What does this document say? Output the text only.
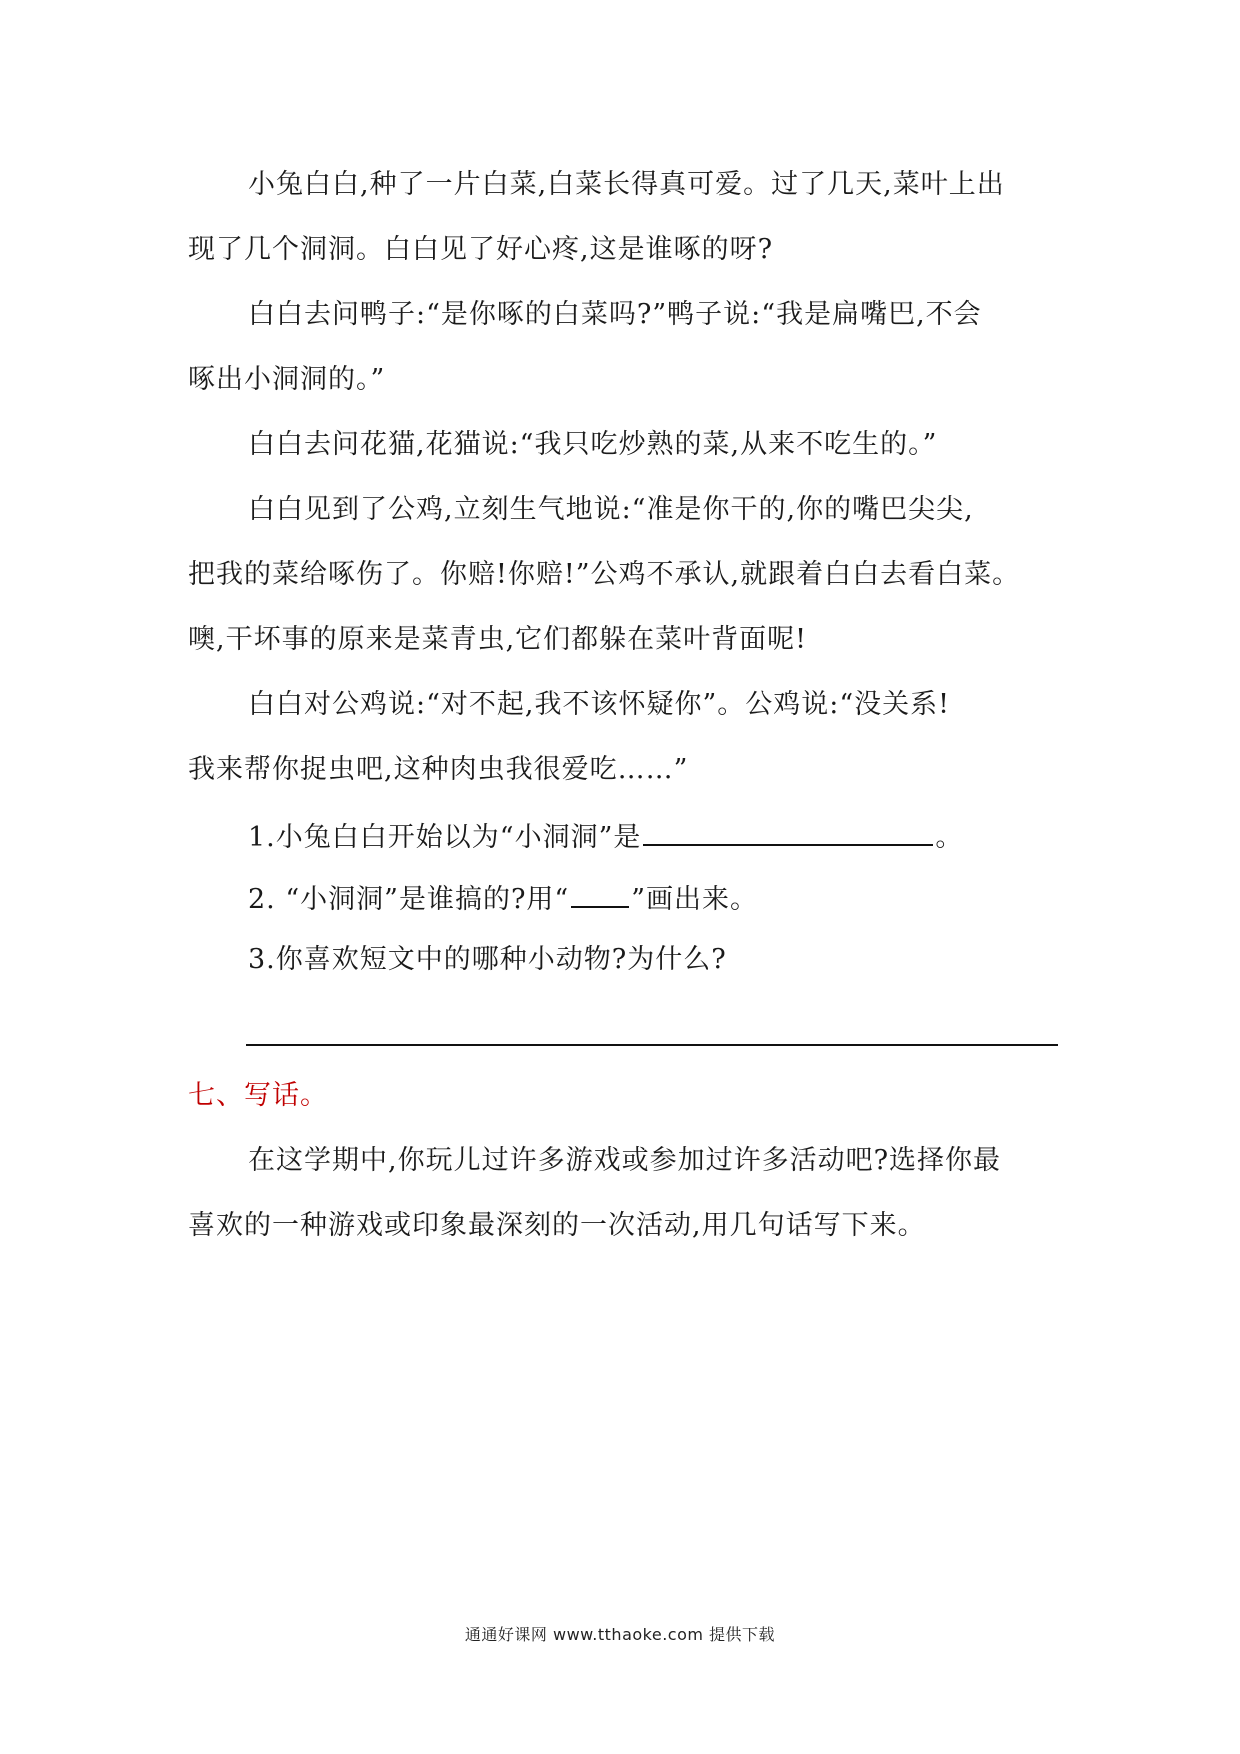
小兔白白,种了一片白菜,白菜长得真可爱。过了几天,菜叶上出
现了几个洞洞。白白见了好心疼,这是谁啄的呀?
白白去问鸭子:“是你啄的白菜吗?”鸭子说:“我是扁嘴巴,不会
啄出小洞洞的。”
白白去问花猫,花猫说:“我只吃炒熟的菜,从来不吃生的。”
白白见到了公鸡,立刻生气地说:“准是你干的,你的嘴巴尖尖,
把我的菜给啄伤了。你赔!你赔!”公鸡不承认,就跟着白白去看白菜。
噢,干坏事的原来是菜青虫,它们都躲在菜叶背面呢!
白白对公鸡说:“对不起,我不该怀疑你”。公鸡说:“没关系!
我来帮你捉虫吧,这种肉虫我很爱吃……”
1.小兔白白开始以为“小洞洞”是	。
2. “小洞洞”是谁搞的?用“ ”画出来。
3.你喜欢短文中的哪种小动物?为什么?
七、写话。
在这学期中,你玩儿过许多游戏或参加过许多活动吧?选择你最
喜欢的一种游戏或印象最深刻的一次活动,用几句话写下来。
通通好课网 www.tthaoke.com 提供下载
